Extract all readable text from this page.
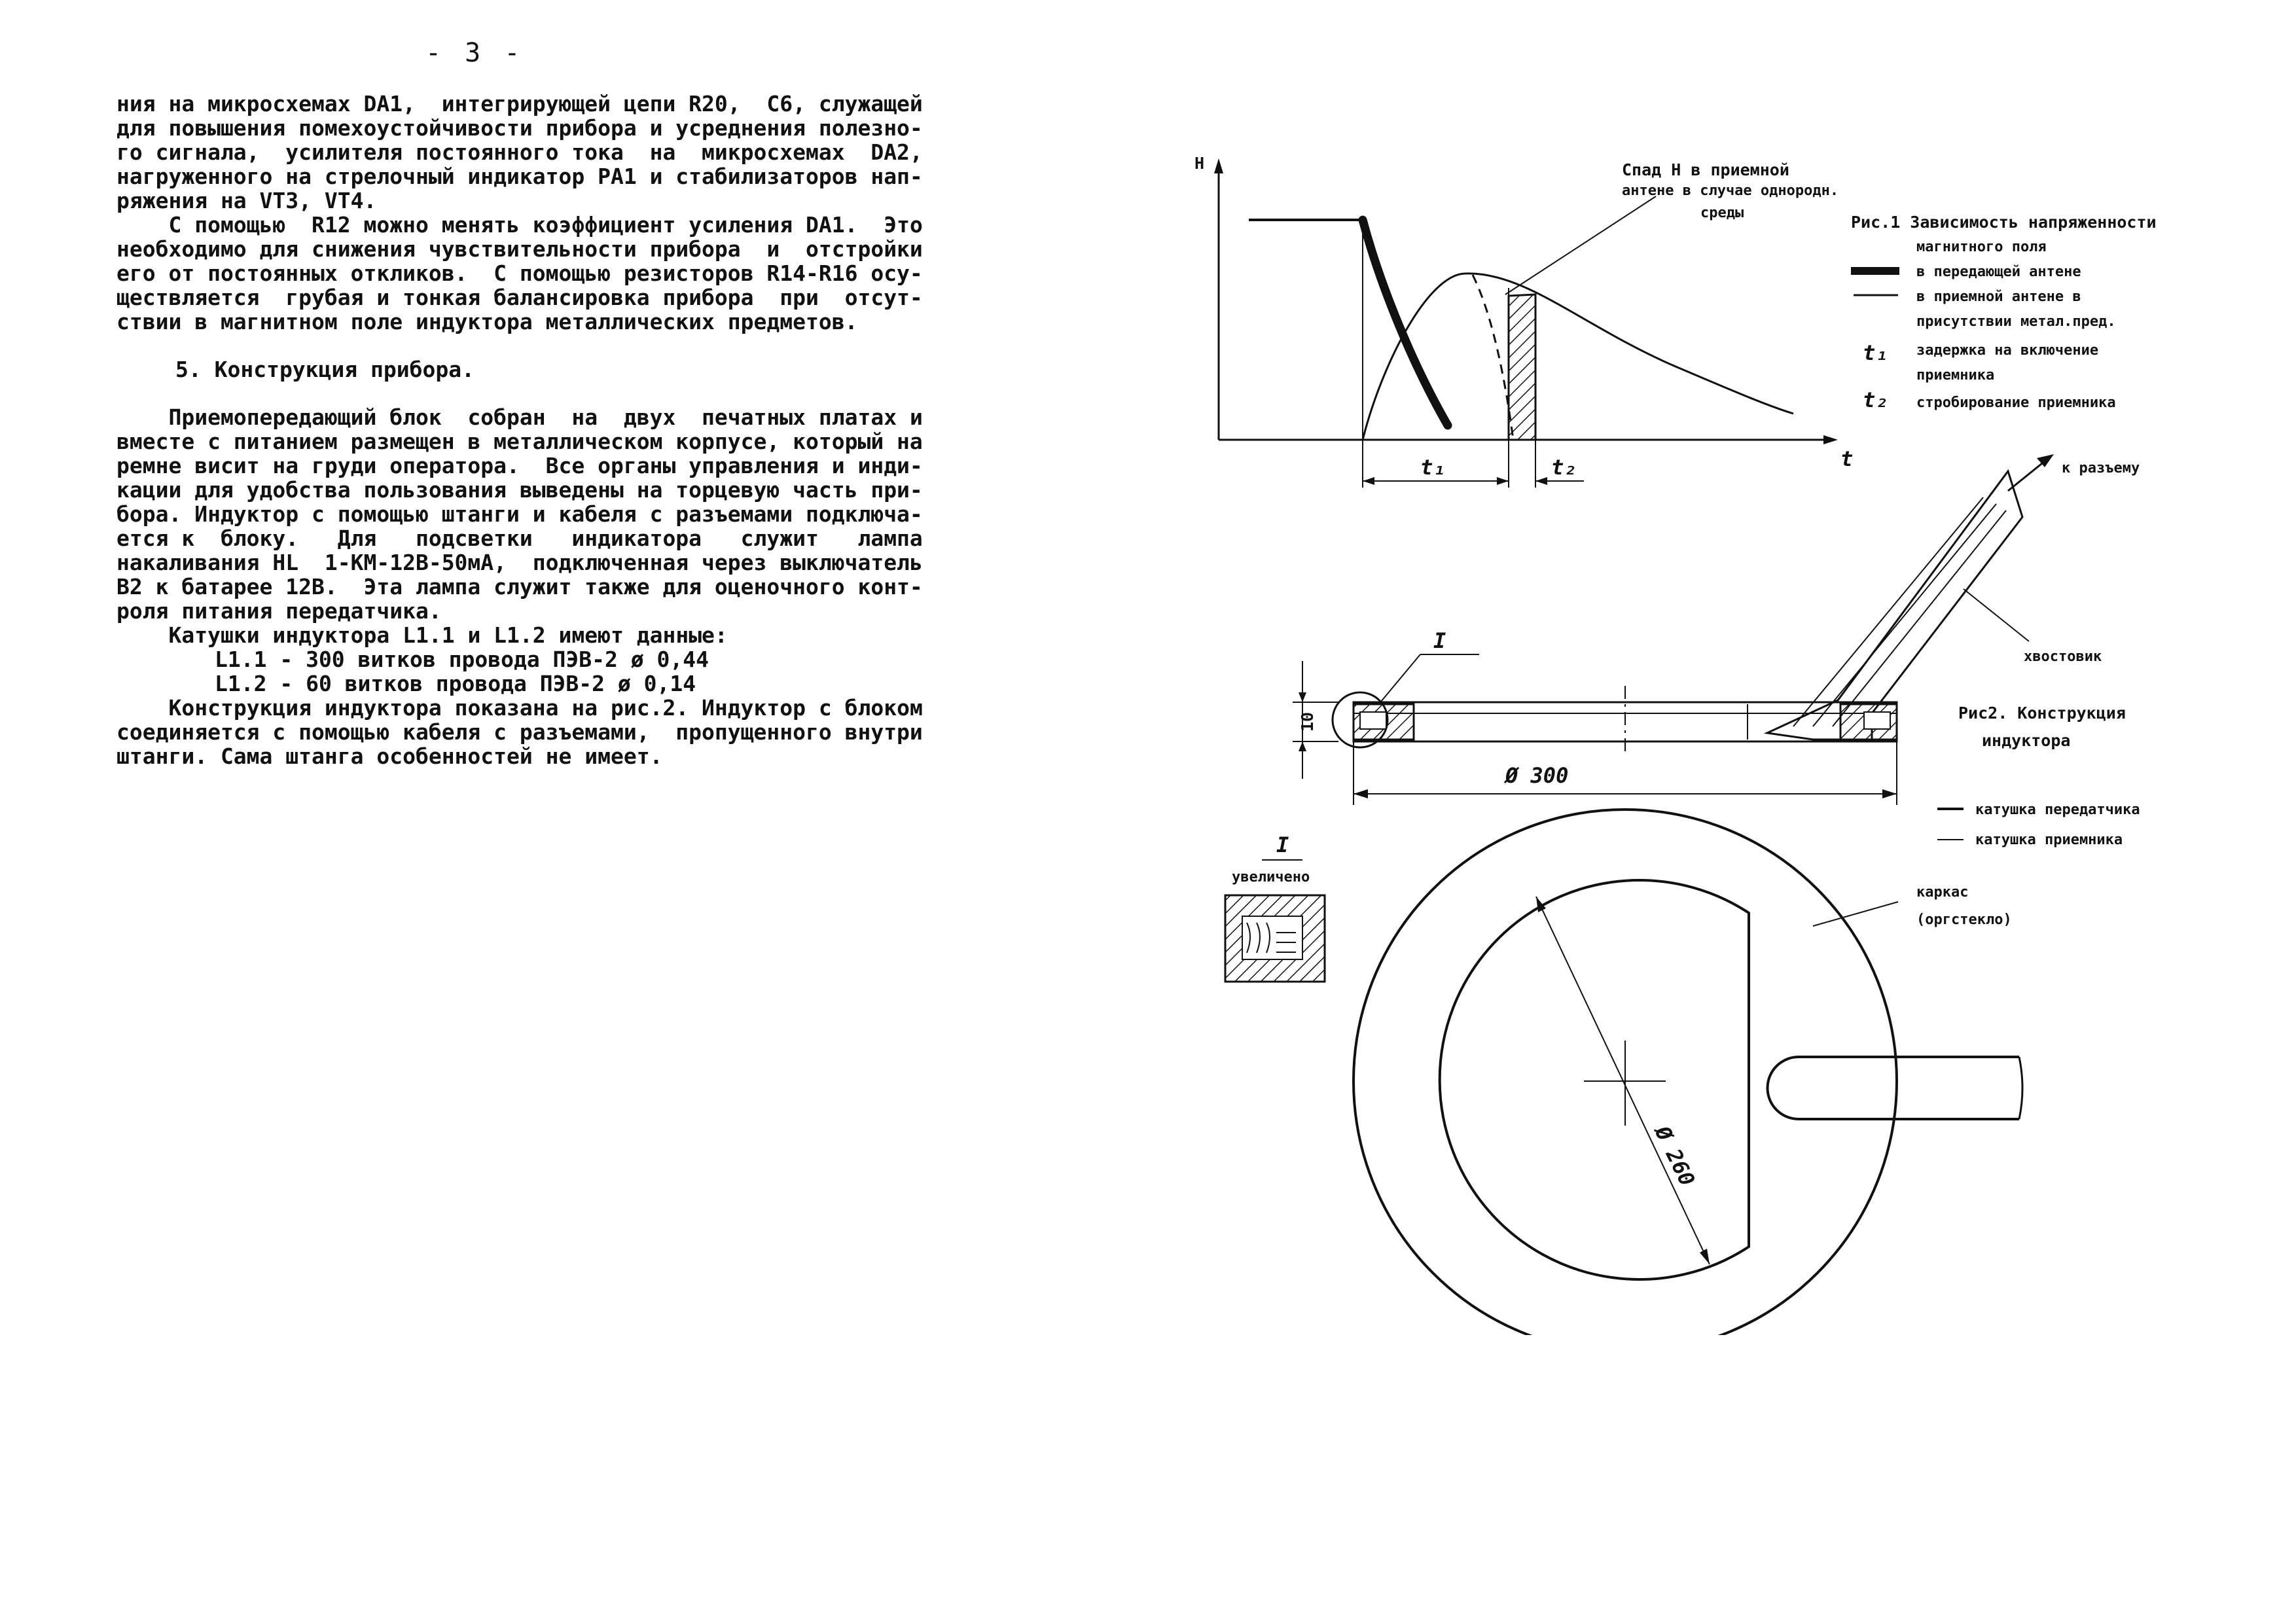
- 3 -

ния на микросхемах DA1,  интегрирующей цепи R20,  C6, служащей
для повышения помехоустойчивости прибора и усреднения полезно-
го сигнала,  усилителя постоянного тока  на  микросхемах  DA2,
нагруженного на стрелочный индикатор PA1 и стабилизаторов нап-
ряжения на VT3, VT4.

С помощью  R12 можно менять коэффициент усиления DA1.  Это
необходимо для снижения чувствительности прибора  и  отстройки
его от постоянных откликов.  С помощью резисторов R14-R16 осу-
ществляется  грубая и тонкая балансировка прибора  при  отсут-
ствии в магнитном поле индуктора металлических предметов.

5. Конструкция прибора.

Приемопередающий блок  собран  на  двух  печатных платах и
вместе с питанием размещен в металлическом корпусе, который на
ремне висит на груди оператора.  Все органы управления и инди-
кации для удобства пользования выведены на торцевую часть при-
бора. Индуктор с помощью штанги и кабеля с разъемами подключа-
ется к  блоку.   Для   подсветки   индикатора   служит   лампа
накаливания HL  1-КМ-12В-50мА,  подключенная через выключатель
В2 к батарее 12В.  Эта лампа служит также для оценочного конт-
роля питания передатчика.

Катушки индуктора L1.1 и L1.2 имеют данные:

L1.1 - 300 витков провода ПЭВ-2 ø 0,44

L1.2 - 60 витков провода ПЭВ-2 ø 0,14

Конструкция индуктора показана на рис.2. Индуктор с блоком
соединяется с помощью кабеля с разъемами,  пропущенного внутри
штанги. Сама штанга особенностей не имеет.

H
t
t₁	t₂
Спад H в приемной
антене в случае однородн.
среды	Рис.1 Зависимость напряженности
магнитного поля
в передающей антене
в приемной антене в
присутствии метал.пред.
t₁ задержка на включение
приемника
t₂ стробирование приемника
к разъему
хвостовик
I
10
Ø 300
Рис2. Конструкция
индуктора
катушка передатчика
катушка приемника
I
увеличено
Ø 260
каркас
(оргстекло)
